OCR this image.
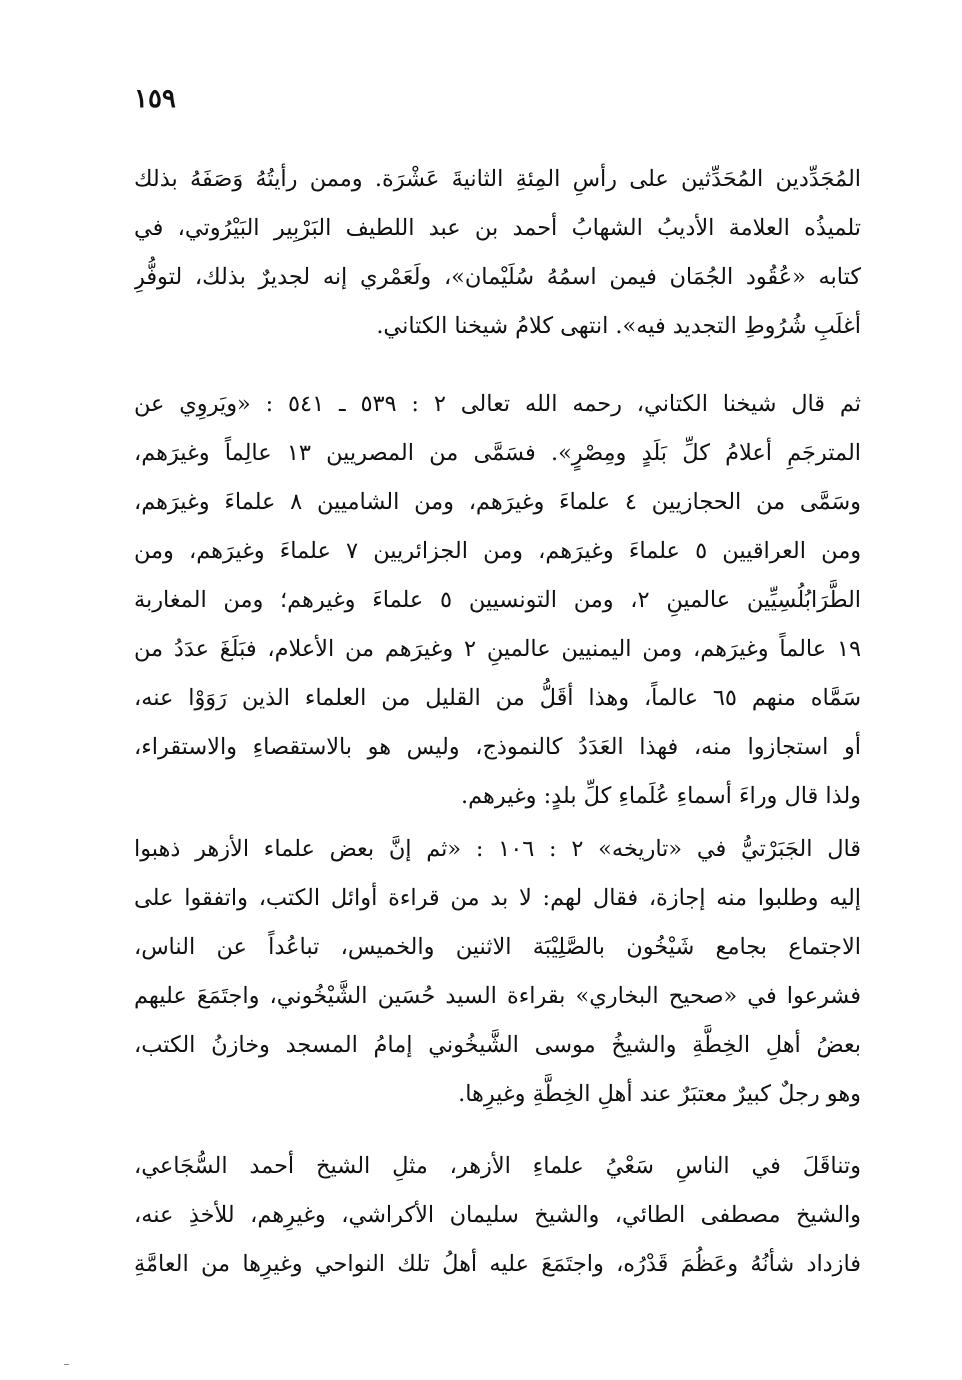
١٥٩
المُجَدِّدين المُحَدِّثين على رأسِ المِئةِ الثانيةَ عَشْرَة. وممن رأيتُهُ وَصَفَهُ بذلك
تلميذُه العلامة الأديبُ الشهابُ أحمد بن عبد اللطيف البَرْبِير البَيْرُوتي، في
كتابه «عُقُود الجُمَان فيمن اسمُهُ سُلَيْمان»، ولَعَمْري إنه لجديرٌ بذلك، لتوفُّرِ
أغلَبِ شُرُوطِ التجديد فيه». انتهى كلامُ شيخنا الكتاني.
ثم قال شيخنا الكتاني، رحمه الله تعالى ٢ : ٥٣٩ ـ ٥٤١ : «ويَروِي عن
المترجَمِ أعلامُ كلِّ بَلَدٍ ومِصْرٍ». فسَمَّى من المصريين ١٣ عالِماً وغيرَهم،
وسَمَّى من الحجازيين ٤ علماءَ وغيرَهم، ومن الشاميين ٨ علماءَ وغيرَهم،
ومن العراقيين ٥ علماءَ وغيرَهم، ومن الجزائريين ٧ علماءَ وغيرَهم، ومن
الطَّرَابُلُسِيِّين عالمينِ ٢، ومن التونسيين ٥ علماءَ وغيرهم؛ ومن المغاربة
١٩ عالماً وغيرَهم، ومن اليمنيين عالمينِ ٢ وغيرَهم من الأعلام، فبَلَغَ عدَدُ من
سَمَّاه منهم ٦٥ عالماً، وهذا أقَلُّ من القليل من العلماء الذين رَوَوْا عنه،
أو استجازوا منه، فهذا العَدَدُ كالنموذج، وليس هو بالاستقصاءِ والاستقراء،
ولذا قال وراءَ أسماءِ عُلَماءِ كلِّ بلدٍ: وغيرهم.
قال الجَبَرْتيُّ في «تاريخه» ٢ : ١٠٦ : «ثم إنَّ بعض علماء الأزهر ذهبوا
إليه وطلبوا منه إجازة، فقال لهم: لا بد من قراءة أوائل الكتب، واتفقوا على
الاجتماع بجامع شَيْخُون بالصَّلِيْبَة الاثنين والخميس، تباعُداً عن الناس،
فشرعوا في «صحيح البخاري» بقراءة السيد حُسَين الشَّيْخُوني، واجتَمَعَ عليهم
بعضُ أهلِ الخِطَّةِ والشيخُ موسى الشَّيخُوني إمامُ المسجد وخازنُ الكتب،
وهو رجلٌ كبيرٌ معتبَرٌ عند أهلِ الخِطَّةِ وغيرِها.
وتناقَلَ في الناسِ سَعْيُ علماءِ الأزهر، مثلِ الشيخ أحمد السُّجَاعي،
والشيخ مصطفى الطائي، والشيخ سليمان الأكراشي، وغيرِهم، للأخذِ عنه،
فازداد شأنُهُ وعَظُمَ قَدْرُه، واجتَمَعَ عليه أهلُ تلك النواحي وغيرِها من العامَّةِ
